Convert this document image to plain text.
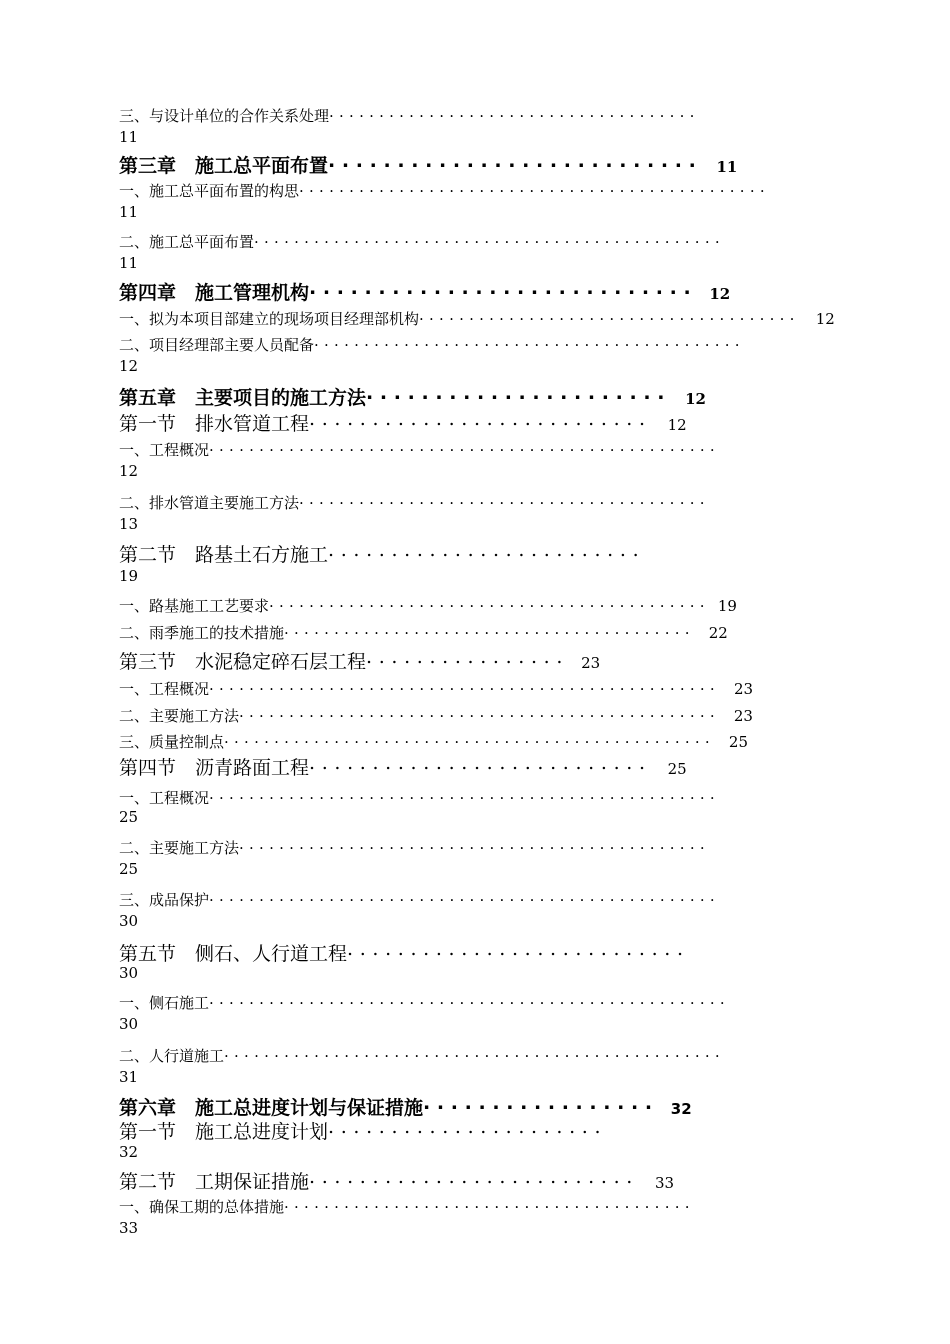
三、与设计单位的合作关系处理.....................................
11
第三章　施工总平面布置........................... 11
一、施工总平面布置的构思...............................................
11
二、施工总平面布置...............................................
11
第四章　施工管理机构............................ 12
一、拟为本项目部建立的现场项目经理部机构...................................... 12
二、项目经理部主要人员配备...........................................
12
第五章　主要项目的施工方法...................... 12
第一节　排水管道工程........................... 12
一、工程概况...................................................
12
二、排水管道主要施工方法.........................................
13
第二节　路基土石方施工.........................
19
一、路基施工工艺要求............................................ 19
二、雨季施工的技术措施......................................... 22
第三节　水泥稳定碎石层工程................ 23
一、工程概况................................................... 23
二、主要施工方法................................................ 23
三、质量控制点................................................. 25
第四节　沥青路面工程........................... 25
一、工程概况...................................................
25
二、主要施工方法...............................................
25
三、成品保护...................................................
30
第五节　侧石、人行道工程...........................
30
一、侧石施工....................................................
30
二、人行道施工..................................................
31
第六章　施工总进度计划与保证措施................. 32
第一节　施工总进度计划......................
32
第二节　工期保证措施.......................... 33
一、确保工期的总体措施.........................................
33
